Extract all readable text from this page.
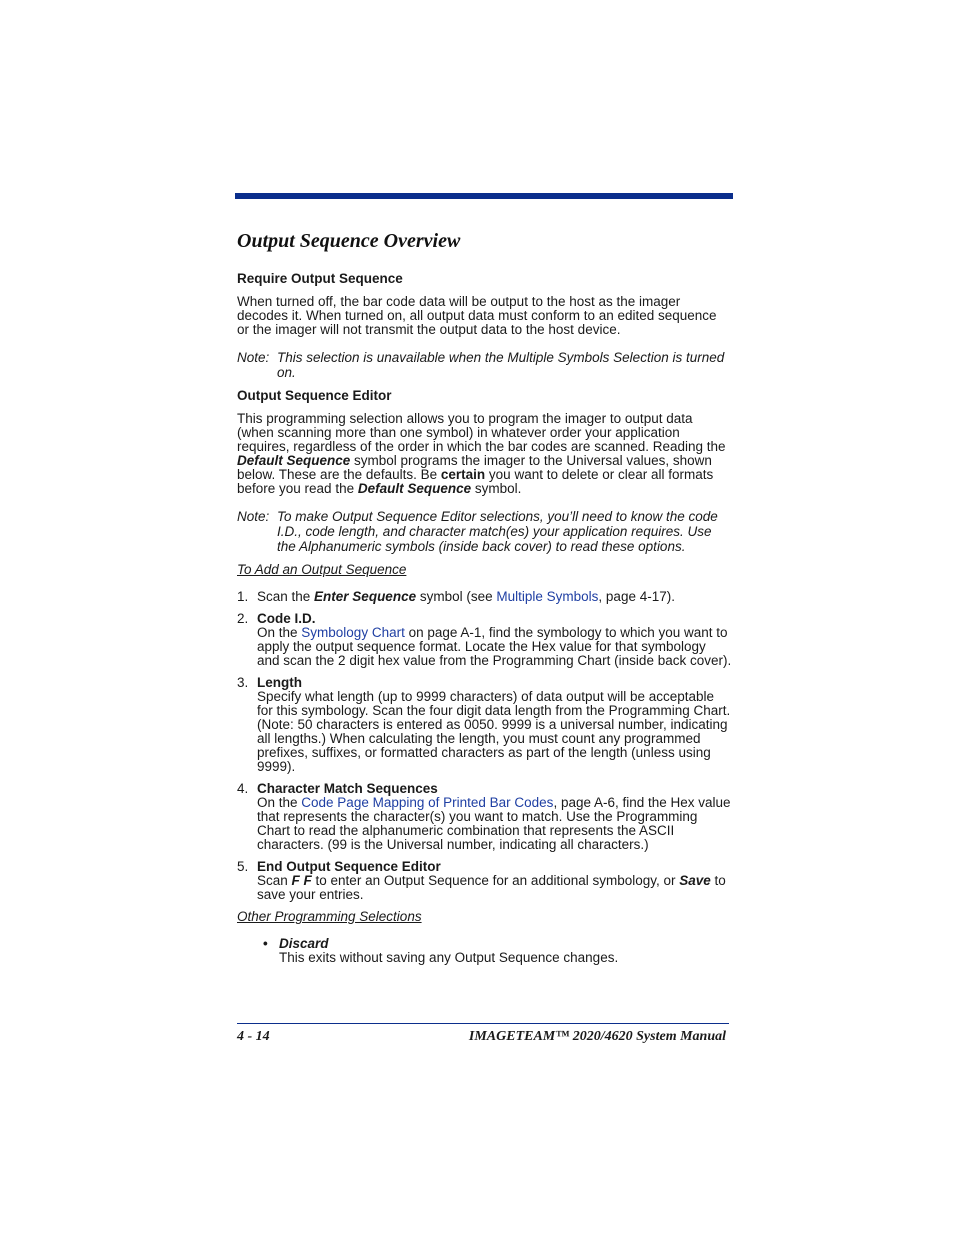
Output Sequence Overview

Require Output Sequence

When turned off, the bar code data will be output to the host as the imager decodes it. When turned on, all output data must conform to an edited sequence or the imager will not transmit the output data to the host device.

Note: This selection is unavailable when the Multiple Symbols Selection is turned on.

Output Sequence Editor

This programming selection allows you to program the imager to output data (when scanning more than one symbol) in whatever order your application requires, regardless of the order in which the bar codes are scanned. Reading the Default Sequence symbol programs the imager to the Universal values, shown below. These are the defaults. Be certain you want to delete or clear all formats before you read the Default Sequence symbol.

Note: To make Output Sequence Editor selections, you’ll need to know the code I.D., code length, and character match(es) your application requires. Use the Alphanumeric symbols (inside back cover) to read these options.

To Add an Output Sequence

1. Scan the Enter Sequence symbol (see Multiple Symbols, page 4-17).
2. Code I.D.
On the Symbology Chart on page A-1, find the symbology to which you want to apply the output sequence format. Locate the Hex value for that symbology and scan the 2 digit hex value from the Programming Chart (inside back cover).
3. Length
Specify what length (up to 9999 characters) of data output will be acceptable for this symbology. Scan the four digit data length from the Programming Chart. (Note: 50 characters is entered as 0050. 9999 is a universal number, indicating all lengths.) When calculating the length, you must count any programmed prefixes, suffixes, or formatted characters as part of the length (unless using 9999).
4. Character Match Sequences
On the Code Page Mapping of Printed Bar Codes, page A-6, find the Hex value that represents the character(s) you want to match. Use the Programming Chart to read the alphanumeric combination that represents the ASCII characters. (99 is the Universal number, indicating all characters.)
5. End Output Sequence Editor
Scan F F to enter an Output Sequence for an additional symbology, or Save to save your entries.

Other Programming Selections

• Discard
This exits without saving any Output Sequence changes.
4 - 14	IMAGETEAM™ 2020/4620 System Manual
